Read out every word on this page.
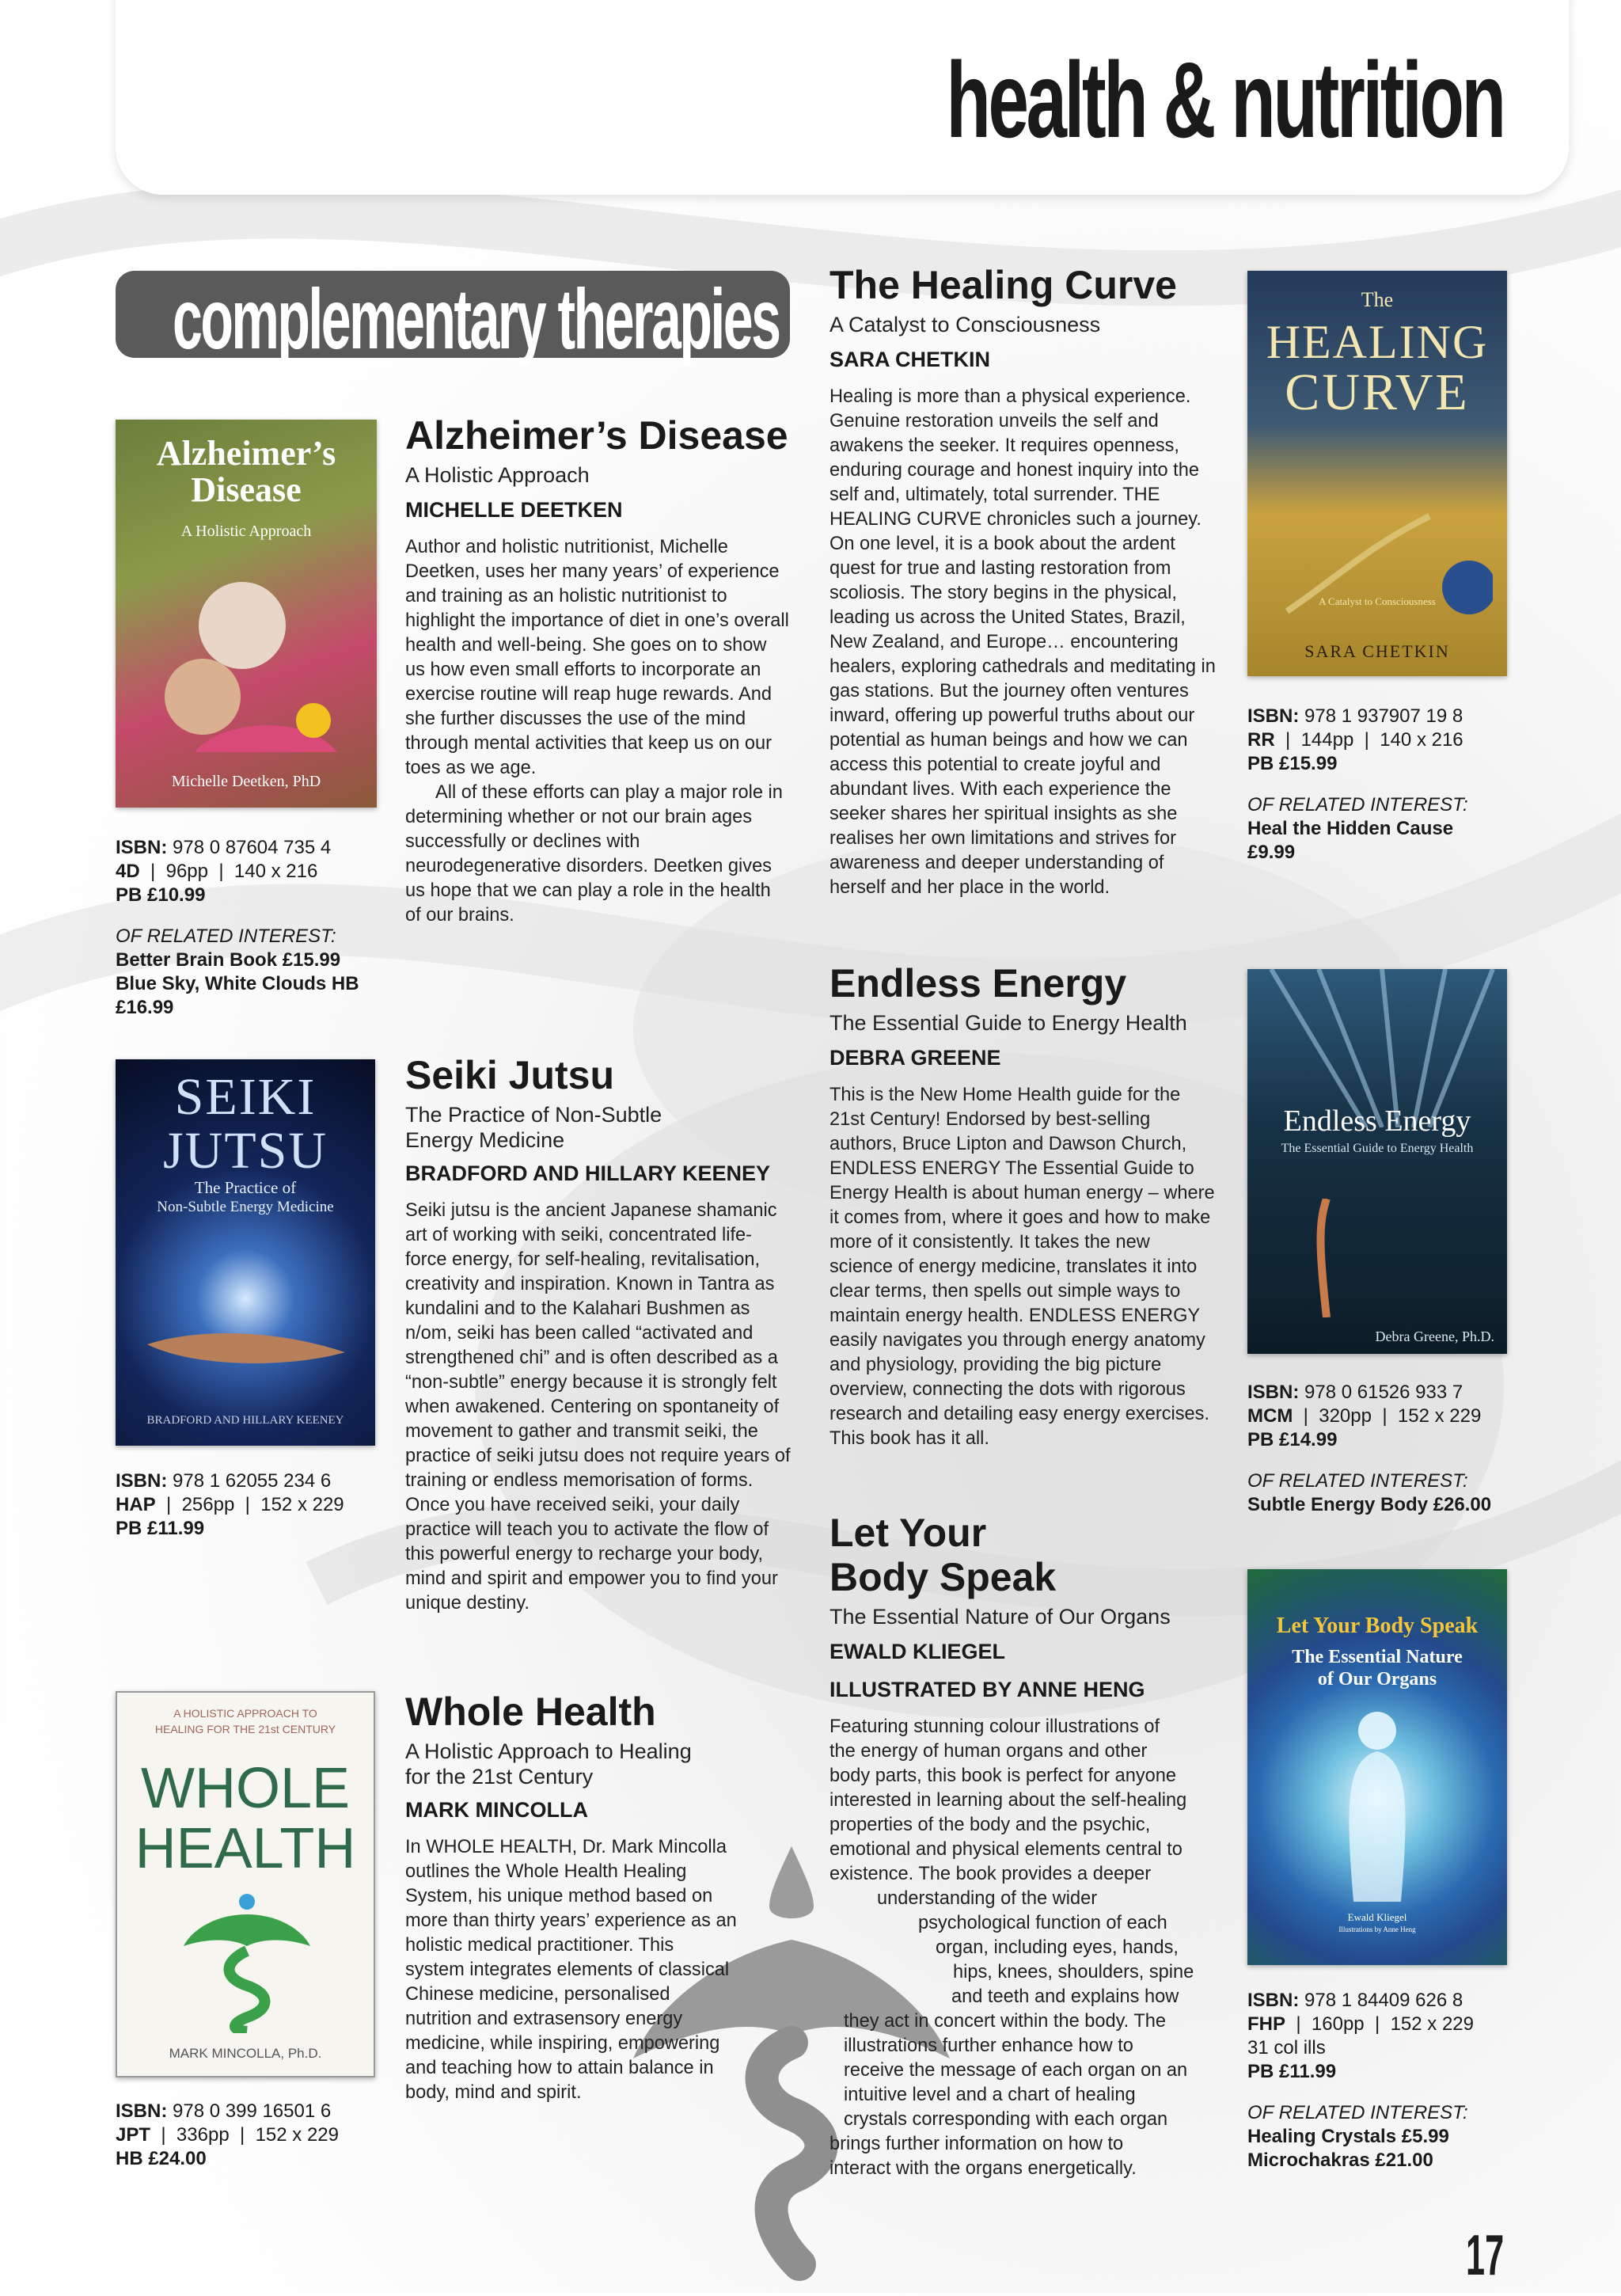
health & nutrition
complementary therapies
Alzheimer’s Disease
A Holistic Approach
Michelle Deetken, PhD
Alzheimer’s Disease
A Holistic Approach
MICHELLE DEETKEN

Author and holistic nutritionist, Michelle Deetken, uses her many years’ of experience and training as an holistic nutritionist to highlight the importance of diet in one’s overall health and well-being. She goes on to show us how even small efforts to incorporate an exercise routine will reap huge rewards. And she further discusses the use of the mind through mental activities that keep us on our toes as we age.

All of these efforts can play a major role in determining whether or not our brain ages successfully or declines with neurodegenerative disorders. Deetken gives us hope that we can play a role in the health of our brains.

ISBN: 978 0 87604 735 4
4D  |  96pp  |  140 x 216
PB £10.99
OF RELATED INTEREST:
Better Brain Book £15.99
Blue Sky, White Clouds HB
£16.99
SEIKI
JUTSU
The Practice of
Non-Subtle Energy Medicine
BRADFORD AND HILLARY KEENEY
Seiki Jutsu
The Practice of Non-Subtle Energy Medicine
BRADFORD AND HILLARY KEENEY

Seiki jutsu is the ancient Japanese shamanic art of working with seiki, concentrated life-force energy, for self-healing, revitalisation, creativity and inspiration. Known in Tantra as kundalini and to the Kalahari Bushmen as n/om, seiki has been called “activated and strengthened chi” and is often described as a “non-subtle” energy because it is strongly felt when awakened. Centering on spontaneity of movement to gather and transmit seiki, the practice of seiki jutsu does not require years of training or endless memorisation of forms. Once you have received seiki, your daily practice will teach you to activate the flow of this powerful energy to recharge your body, mind and spirit and empower you to find your unique destiny.

ISBN: 978 1 62055 234 6
HAP  |  256pp  |  152 x 229
PB £11.99
A HOLISTIC APPROACH TO
HEALING FOR THE 21st CENTURY
WHOLE
HEALTH
MARK MINCOLLA, Ph.D.
Whole Health
A Holistic Approach to Healing for the 21st Century
MARK MINCOLLA

In WHOLE HEALTH, Dr. Mark Mincolla outlines the Whole Health Healing System, his unique method based on more than thirty years’ experience as an holistic medical practitioner. This system integrates elements of classical Chinese medicine, personalised nutrition and extrasensory energy medicine, while inspiring, empowering and teaching how to attain balance in body, mind and spirit.

ISBN: 978 0 399 16501 6
JPT  |  336pp  |  152 x 229
HB £24.00
The Healing Curve
A Catalyst to Consciousness
SARA CHETKIN

Healing is more than a physical experience. Genuine restoration unveils the self and awakens the seeker. It requires openness, enduring courage and honest inquiry into the self and, ultimately, total surrender. THE HEALING CURVE chronicles such a journey. On one level, it is a book about the ardent quest for true and lasting restoration from scoliosis. The story begins in the physical, leading us across the United States, Brazil, New Zealand, and Europe… encountering healers, exploring cathedrals and meditating in gas stations. But the journey often ventures inward, offering up powerful truths about our potential as human beings and how we can access this potential to create joyful and abundant lives. With each experience the seeker shares her spiritual insights as she realises her own limitations and strives for awareness and deeper understanding of herself and her place in the world.

The
HEALING
CURVE
A Catalyst to Consciousness
SARA CHETKIN
ISBN: 978 1 937907 19 8
RR  |  144pp  |  140 x 216
PB £15.99
OF RELATED INTEREST:
Heal the Hidden Cause
£9.99
Endless Energy
The Essential Guide to Energy Health
DEBRA GREENE

This is the New Home Health guide for the 21st Century! Endorsed by best-selling authors, Bruce Lipton and Dawson Church, ENDLESS ENERGY The Essential Guide to Energy Health is about human energy – where it comes from, where it goes and how to make more of it consistently. It takes the new science of energy medicine, translates it into clear terms, then spells out simple ways to maintain energy health. ENDLESS ENERGY easily navigates you through energy anatomy and physiology, providing the big picture overview, connecting the dots with rigorous research and detailing easy energy exercises. This book has it all.

Endless Energy
The Essential Guide to Energy Health
Debra Greene, Ph.D.
ISBN: 978 0 61526 933 7
MCM  |  320pp  |  152 x 229
PB £14.99
OF RELATED INTEREST:
Subtle Energy Body £26.00
Let Your
Body Speak
The Essential Nature of Our Organs
EWALD KLIEGEL
ILLUSTRATED BY ANNE HENG
Featuring stunning colour illustrations of
the energy of human organs and other
body parts, this book is perfect for anyone
interested in learning about the self-healing
properties of the body and the psychic,
emotional and physical elements central to
existence. The book provides a deeper
understanding of the wider
psychological function of each
organ, including eyes, hands,
hips, knees, shoulders, spine
and teeth and explains how
they act in concert within the body. The
illustrations further enhance how to
receive the message of each organ on an
intuitive level and a chart of healing
crystals corresponding with each organ
brings further information on how to
interact with the organs energetically.
Let Your Body Speak
The Essential Nature
of Our Organs
Ewald Kliegel
Illustrations by Anne Heng
ISBN: 978 1 84409 626 8
FHP  |  160pp  |  152 x 229
31 col ills
PB £11.99
OF RELATED INTEREST:
Healing Crystals £5.99
Microchakras £21.00
17
